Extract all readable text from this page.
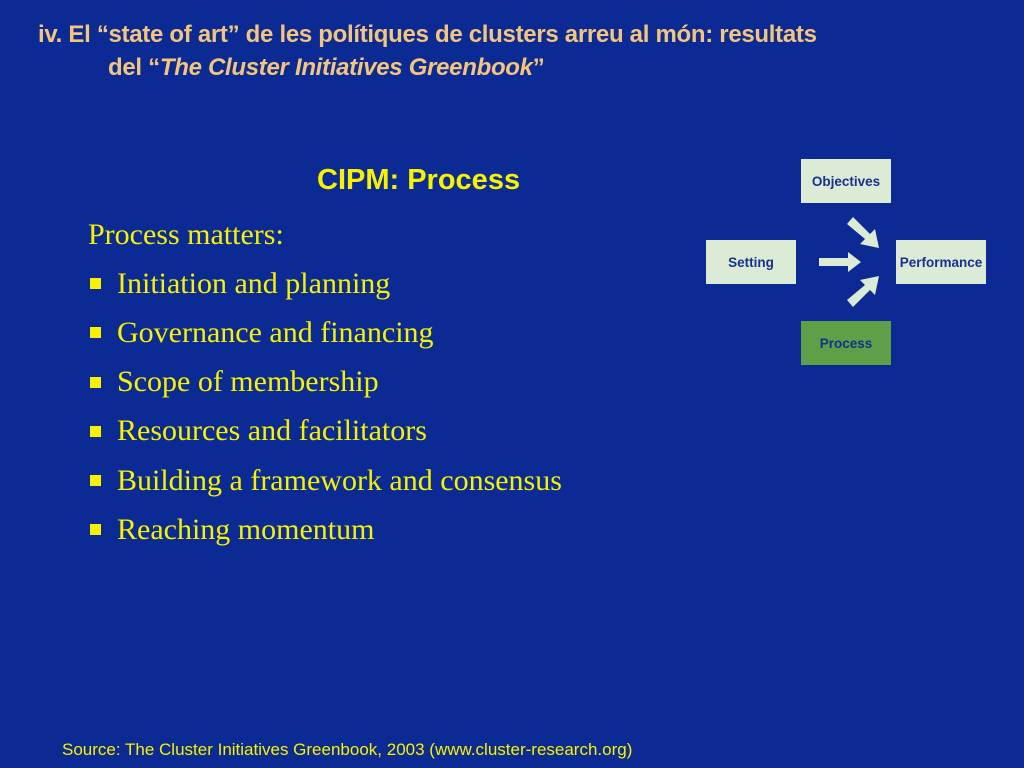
iv. El “state of art” de les polítiques de clusters arreu al món: resultats
del “The Cluster Initiatives Greenbook”
CIPM: Process
Process matters:
Initiation and planning
Governance and financing
Scope of membership
Resources and facilitators
Building a framework and consensus
Reaching momentum
Objectives
Setting	Performance
Process
Source: The Cluster Initiatives Greenbook, 2003 (www.cluster-research.org)
